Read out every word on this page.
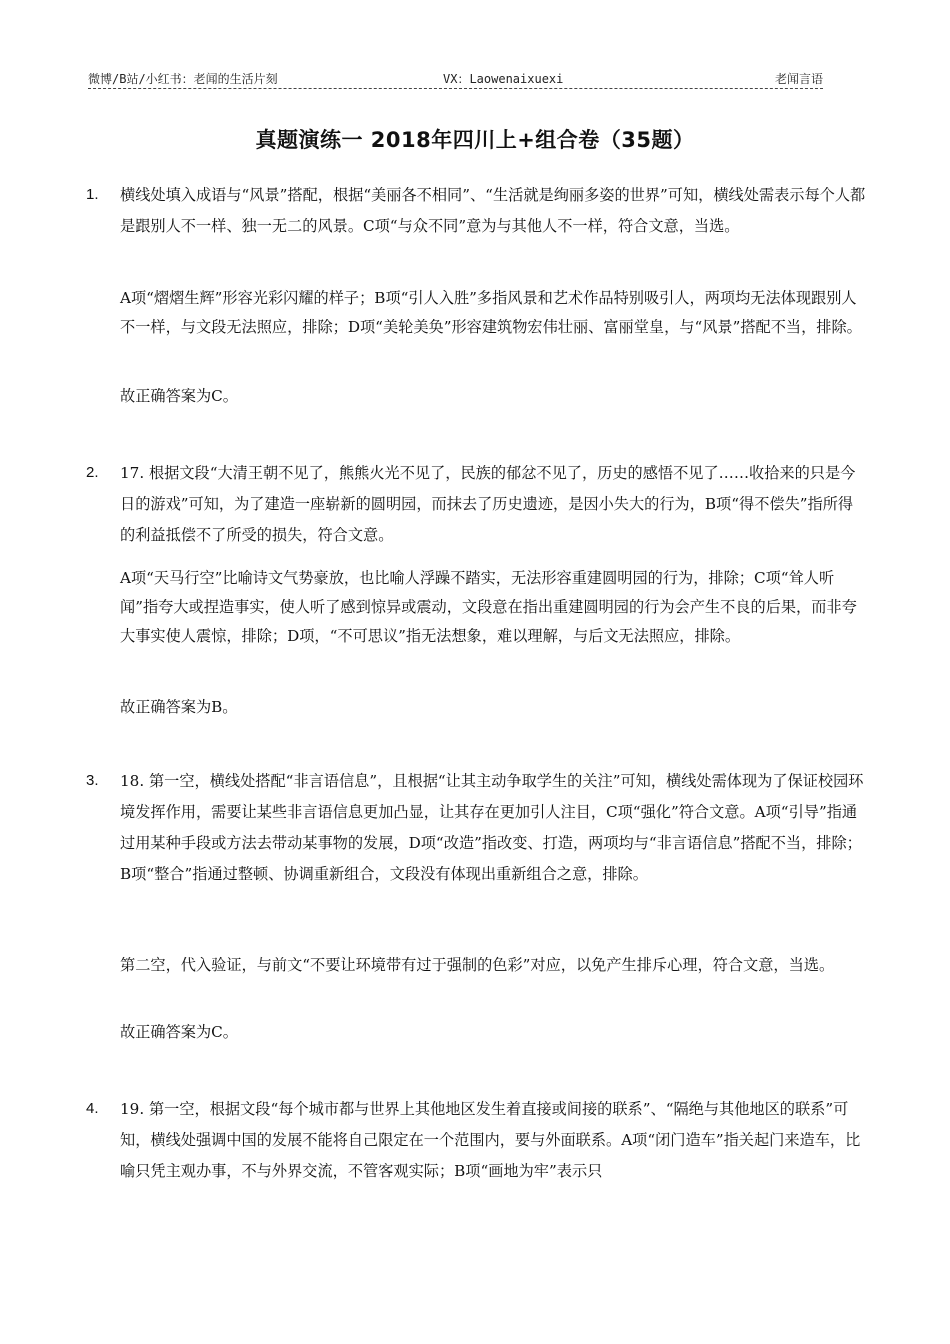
微博/B站/小红书：老闻的生活片刻	VX：Laowenaixuexi	老闻言语
真题演练一 2018年四川上+组合卷（35题）
1. 横线处填入成语与“风景”搭配，根据“美丽各不相同”、“生活就是绚丽多姿的世界”可知，横线处需表示每个人都是跟别人不一样、独一无二的风景。C项“与众不同”意为与其他人不一样，符合文意，当选。

A项“熠熠生辉”形容光彩闪耀的样子；B项“引人入胜”多指风景和艺术作品特别吸引人，两项均无法体现跟别人不一样，与文段无法照应，排除；D项“美轮美奂”形容建筑物宏伟壮丽、富丽堂皇，与“风景”搭配不当，排除。

故正确答案为C。

2. 17. 根据文段“大清王朝不见了，熊熊火光不见了，民族的郁忿不见了，历史的感悟不见了……收拾来的只是今日的游戏”可知，为了建造一座崭新的圆明园，而抹去了历史遗迹，是因小失大的行为，B项“得不偿失”指所得的利益抵偿不了所受的损失，符合文意。

A项“天马行空”比喻诗文气势豪放，也比喻人浮躁不踏实，无法形容重建圆明园的行为，排除；C项“耸人听闻”指夸大或捏造事实，使人听了感到惊异或震动，文段意在指出重建圆明园的行为会产生不良的后果，而非夸大事实使人震惊，排除；D项，“不可思议”指无法想象，难以理解，与后文无法照应，排除。

故正确答案为B。

3. 18. 第一空，横线处搭配“非言语信息”，且根据“让其主动争取学生的关注”可知，横线处需体现为了保证校园环境发挥作用，需要让某些非言语信息更加凸显，让其存在更加引人注目，C项“强化”符合文意。A项“引导”指通过用某种手段或方法去带动某事物的发展，D项“改造”指改变、打造，两项均与“非言语信息”搭配不当，排除；B项“整合”指通过整顿、协调重新组合，文段没有体现出重新组合之意，排除。

第二空，代入验证，与前文“不要让环境带有过于强制的色彩”对应，以免产生排斥心理，符合文意，当选。

故正确答案为C。

4. 19. 第一空，根据文段“每个城市都与世界上其他地区发生着直接或间接的联系”、“隔绝与其他地区的联系”可知，横线处强调中国的发展不能将自己限定在一个范围内，要与外面联系。A项“闭门造车”指关起门来造车，比喻只凭主观办事，不与外界交流，不管客观实际；B项“画地为牢”表示只
